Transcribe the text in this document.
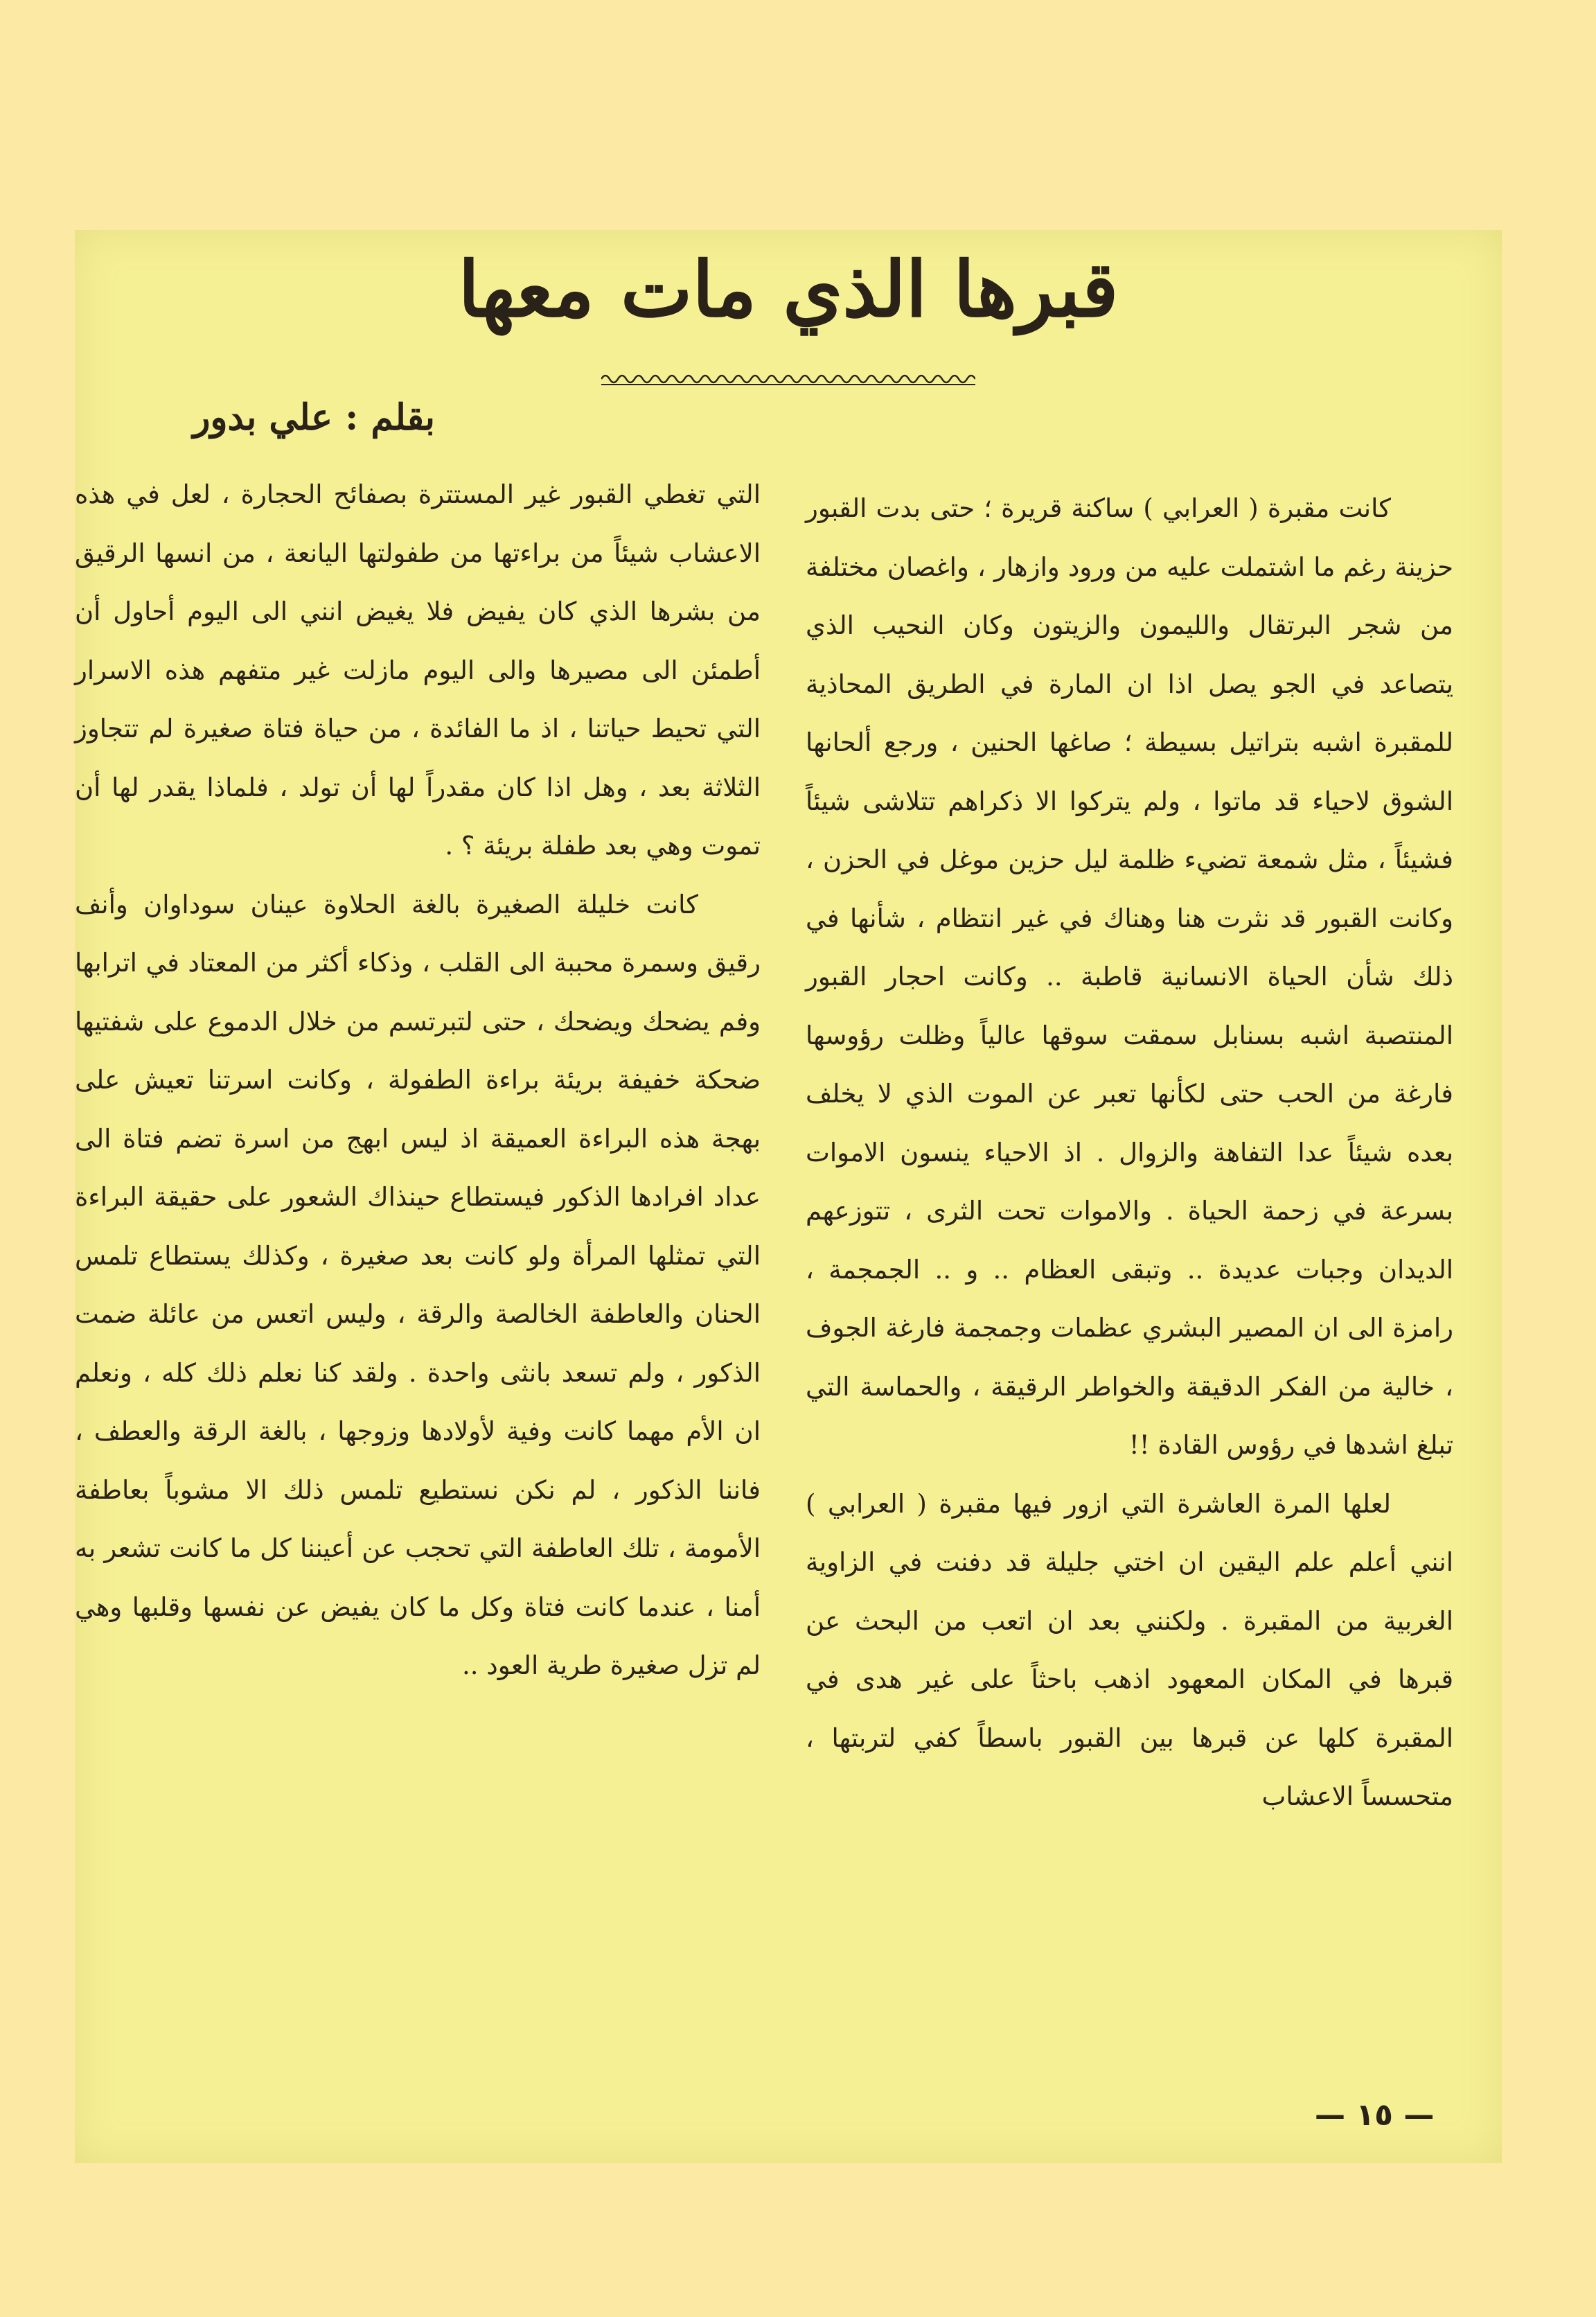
قبرها الذي مات معها
بقلم : علي بدور

كانت مقبرة ( العرابي ) ساكنة قريرة ؛ حتى بدت القبور حزينة رغم ما اشتملت عليه من ورود وازهار ، واغصان مختلفة من شجر البرتقال والليمون والزيتون وكان النحيب الذي يتصاعد في الجو يصل اذا ان المارة في الطريق المحاذية للمقبرة اشبه بتراتيل بسيطة ؛ صاغها الحنين ، ورجع ألحانها الشوق لاحياء قد ماتوا ، ولم يتركوا الا ذكراهم تتلاشى شيئاً فشيئاً ، مثل شمعة تضيء ظلمة ليل حزين موغل في الحزن ، وكانت القبور قد نثرت هنا وهناك في غير انتظام ، شأنها في ذلك شأن الحياة الانسانية قاطبة .. وكانت احجار القبور المنتصبة اشبه بسنابل سمقت سوقها عالياً وظلت رؤوسها فارغة من الحب حتى لكأنها تعبر عن الموت الذي لا يخلف بعده شيئاً عدا التفاهة والزوال . اذ الاحياء ينسون الاموات بسرعة في زحمة الحياة . والاموات تحت الثرى ، تتوزعهم الديدان وجبات عديدة .. وتبقى العظام .. و .. الجمجمة ، رامزة الى ان المصير البشري عظمات وجمجمة فارغة الجوف ، خالية من الفكر الدقيقة والخواطر الرقيقة ، والحماسة التي تبلغ اشدها في رؤوس القادة !!

لعلها المرة العاشرة التي ازور فيها مقبرة ( العرابي ) انني أعلم علم اليقين ان اختي جليلة قد دفنت في الزاوية الغربية من المقبرة . ولكنني بعد ان اتعب من البحث عن قبرها في المكان المعهود اذهب باحثاً على غير هدى في المقبرة كلها عن قبرها بين القبور باسطاً كفي لتربتها ، متحسساً الاعشاب

التي تغطي القبور غير المستترة بصفائح الحجارة ، لعل في هذه الاعشاب شيئاً من براءتها من طفولتها اليانعة ، من انسها الرقيق من بشرها الذي كان يفيض فلا يغيض انني الى اليوم أحاول أن أطمئن الى مصيرها والى اليوم مازلت غير متفهم هذه الاسرار التي تحيط حياتنا ، اذ ما الفائدة ، من حياة فتاة صغيرة لم تتجاوز الثلاثة بعد ، وهل اذا كان مقدراً لها أن تولد ، فلماذا يقدر لها أن تموت وهي بعد طفلة بريئة ؟ .

كانت خليلة الصغيرة بالغة الحلاوة عينان سوداوان وأنف رقيق وسمرة محببة الى القلب ، وذكاء أكثر من المعتاد في اترابها وفم يضحك ويضحك ، حتى لتبرتسم من خلال الدموع على شفتيها ضحكة خفيفة بريئة براءة الطفولة ، وكانت اسرتنا تعيش على بهجة هذه البراءة العميقة اذ ليس ابهج من اسرة تضم فتاة الى عداد افرادها الذكور فيستطاع حينذاك الشعور على حقيقة البراءة التي تمثلها المرأة ولو كانت بعد صغيرة ، وكذلك يستطاع تلمس الحنان والعاطفة الخالصة والرقة ، وليس اتعس من عائلة ضمت الذكور ، ولم تسعد بانثى واحدة . ولقد كنا نعلم ذلك كله ، ونعلم ان الأم مهما كانت وفية لأولادها وزوجها ، بالغة الرقة والعطف ، فاننا الذكور ، لم نكن نستطيع تلمس ذلك الا مشوباً بعاطفة الأمومة ، تلك العاطفة التي تحجب عن أعيننا كل ما كانت تشعر به أمنا ، عندما كانت فتاة وكل ما كان يفيض عن نفسها وقلبها وهي لم تزل صغيرة طرية العود ..

— ١٥ —
